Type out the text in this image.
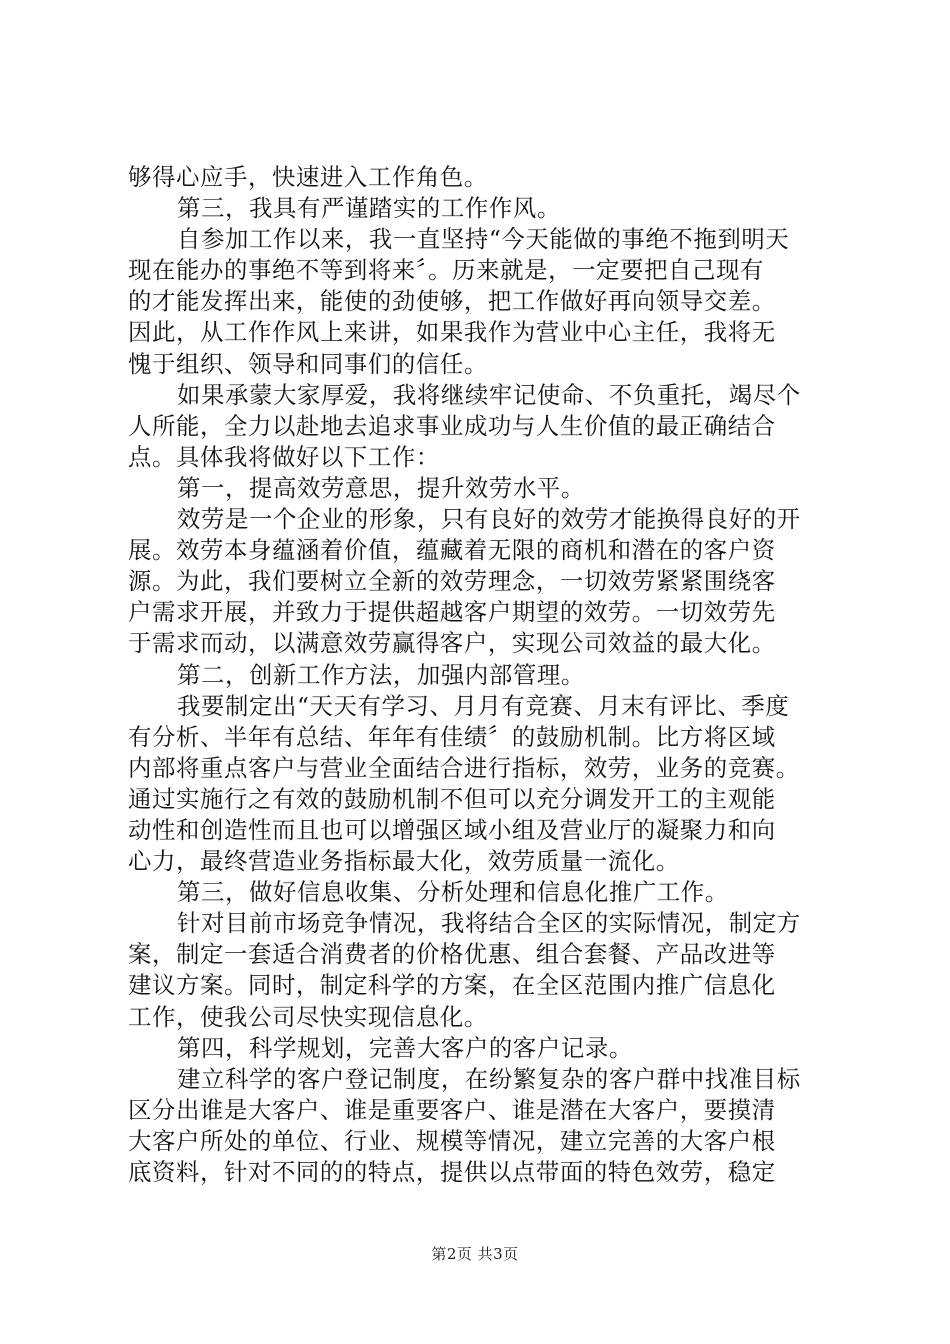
够得心应手，快速进入工作角色。
第三，我具有严谨踏实的工作作风。
自参加工作以来，我一直坚持“今天能做的事绝不拖到明天
现在能办的事绝不等到将来〞。历来就是，一定要把自己现有
的才能发挥出来，能使的劲使够，把工作做好再向领导交差。
因此，从工作作风上来讲，如果我作为营业中心主任，我将无
愧于组织、领导和同事们的信任。
如果承蒙大家厚爱，我将继续牢记使命、不负重托，竭尽个
人所能，全力以赴地去追求事业成功与人生价值的最正确结合
点。具体我将做好以下工作：
第一，提高效劳意思，提升效劳水平。
效劳是一个企业的形象，只有良好的效劳才能换得良好的开
展。效劳本身蕴涵着价值，蕴藏着无限的商机和潜在的客户资
源。为此，我们要树立全新的效劳理念，一切效劳紧紧围绕客
户需求开展，并致力于提供超越客户期望的效劳。一切效劳先
于需求而动，以满意效劳赢得客户，实现公司效益的最大化。
第二，创新工作方法，加强内部管理。
我要制定出“天天有学习、月月有竞赛、月末有评比、季度
有分析、半年有总结、年年有佳绩〞的鼓励机制。比方将区域
内部将重点客户与营业全面结合进行指标，效劳，业务的竞赛。
通过实施行之有效的鼓励机制不但可以充分调发开工的主观能
动性和创造性而且也可以增强区域小组及营业厅的凝聚力和向
心力，最终营造业务指标最大化，效劳质量一流化。
第三，做好信息收集、分析处理和信息化推广工作。
针对目前市场竞争情况，我将结合全区的实际情况，制定方
案，制定一套适合消费者的价格优惠、组合套餐、产品改进等
建议方案。同时，制定科学的方案，在全区范围内推广信息化
工作，使我公司尽快实现信息化。
第四，科学规划，完善大客户的客户记录。
建立科学的客户登记制度，在纷繁复杂的客户群中找准目标
区分出谁是大客户、谁是重要客户、谁是潜在大客户，要摸清
大客户所处的单位、行业、规模等情况，建立完善的大客户根
底资料，针对不同的的特点，提供以点带面的特色效劳，稳定
第2页 共3页
